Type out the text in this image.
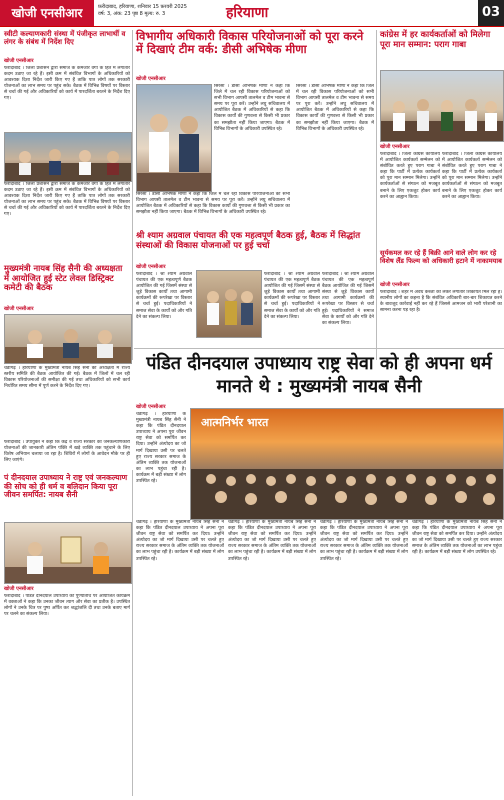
खोजी एनसीआर	फ़रीदाबाद, हरियाणा, शनिवार 15 फ़रवरी 2025 वर्ष: 3, अंक: 23 पृष्ठ 8 मूल्य: रु. 3	हरियाणा	03
स्वीटी कल्याणकारी संस्था में पंजीकृत लाभार्थी व लंगर के संबंध में निर्देश दिए
खोजी एनसीआर
फरीदाबाद । जिला प्रशासन द्वारा समाज के कमजोर वर्गों के हित में लगातार कदम उठाए जा रहे हैं। इसी क्रम में संबंधित विभागों के अधिकारियों को आवश्यक दिशा निर्देश जारी किए गए हैं ताकि पात्र लोगों तक सरकारी योजनाओं का लाभ समय पर पहुंच सके। बैठक में विभिन्न विषयों पर विस्तार से चर्चा की गई और अधिकारियों को कार्य में पारदर्शिता बरतने के निर्देश दिए गए।
फरीदाबाद । जिला प्रशासन द्वारा समाज के कमजोर वर्गों के हित में लगातार कदम उठाए जा रहे हैं। इसी क्रम में संबंधित विभागों के अधिकारियों को आवश्यक दिशा निर्देश जारी किए गए हैं ताकि पात्र लोगों तक सरकारी योजनाओं का लाभ समय पर पहुंच सके। बैठक में विभिन्न विषयों पर विस्तार से चर्चा की गई और अधिकारियों को कार्य में पारदर्शिता बरतने के निर्देश दिए गए।
मुख्यमंत्री नायब सिंह सैनी की अध्यक्षता में आयोजित हुई स्टेट लेवल डिस्ट्रिक्ट कमेटी की बैठक
खोजी एनसीआर
चंडीगढ़ । हरियाणा के मुख्यमंत्री नायब सिंह सैनी की अध्यक्षता में राज्य स्तरीय समिति की बैठक आयोजित की गई। बैठक में जिलों में चल रही विकास परियोजनाओं की समीक्षा की गई तथा अधिकारियों को सभी कार्य निर्धारित समय सीमा में पूर्ण करने के निर्देश दिए गए।
विभागीय अधिकारी विकास परियोजनाओं को पूरा करने में दिखाएं टीम वर्क: डीसी अभिषेक मीणा
खोजी एनसीआर
सिरसा । डीसी अभिषेक मीणा ने कहा कि जिले में चल रही विकास परियोजनाओं को सभी विभाग आपसी तालमेल व टीम भावना से समय पर पूरा करें। उन्होंने लघु सचिवालय में आयोजित बैठक में अधिकारियों से कहा कि विकास कार्यों की गुणवत्ता से किसी भी प्रकार का समझौता नहीं किया जाएगा। बैठक में विभिन्न विभागों के अधिकारी उपस्थित रहे।
सिरसा । डीसी अभिषेक मीणा ने कहा कि जिले में चल रही विकास परियोजनाओं को सभी विभाग आपसी तालमेल व टीम भावना से समय पर पूरा करें। उन्होंने लघु सचिवालय में आयोजित बैठक में अधिकारियों से कहा कि विकास कार्यों की गुणवत्ता से किसी भी प्रकार का समझौता नहीं किया जाएगा। बैठक में विभिन्न विभागों के अधिकारी उपस्थित रहे।
सिरसा । डीसी अभिषेक मीणा ने कहा कि जिले में चल रही विकास परियोजनाओं को सभी विभाग आपसी तालमेल व टीम भावना से समय पर पूरा करें। उन्होंने लघु सचिवालय में आयोजित बैठक में अधिकारियों से कहा कि विकास कार्यों की गुणवत्ता से किसी भी प्रकार का समझौता नहीं किया जाएगा। बैठक में विभिन्न विभागों के अधिकारी उपस्थित रहे।
श्री श्याम अग्रवाल पंचायत की एक महत्वपूर्ण बैठक हुई, बैठक में सिद्धांत संस्थाओं की विकास योजनाओं पर हुई चर्चा
खोजी एनसीआर
फरीदाबाद । श्री श्याम अग्रवाल पंचायत की एक महत्वपूर्ण बैठक आयोजित की गई जिसमें संस्था से जुड़े विकास कार्यों तथा आगामी कार्यक्रमों की रूपरेखा पर विस्तार से चर्चा हुई। पदाधिकारियों ने समाज सेवा के कार्यों को और गति देने का संकल्प लिया।
फरीदाबाद । श्री श्याम अग्रवाल पंचायत की एक महत्वपूर्ण बैठक आयोजित की गई जिसमें संस्था से जुड़े विकास कार्यों तथा आगामी कार्यक्रमों की रूपरेखा पर विस्तार से चर्चा हुई। पदाधिकारियों ने समाज सेवा के कार्यों को और गति देने का संकल्प लिया।
फरीदाबाद । श्री श्याम अग्रवाल पंचायत की एक महत्वपूर्ण बैठक आयोजित की गई जिसमें संस्था से जुड़े विकास कार्यों तथा आगामी कार्यक्रमों की रूपरेखा पर विस्तार से चर्चा हुई। पदाधिकारियों ने समाज सेवा के कार्यों को और गति देने का संकल्प लिया।
कांग्रेस में हर कार्यकर्ताओं को मिलेगा पूरा मान सम्मान: पराग गाबा
खोजी एनसीआर
फरीदाबाद । जिला कांग्रेस कार्यालय में आयोजित कार्यकर्ता सम्मेलन को संबोधित करते हुए पराग गाबा ने कहा कि पार्टी में प्रत्येक कार्यकर्ता को पूरा मान सम्मान मिलेगा। उन्होंने कार्यकर्ताओं से संगठन को मजबूत बनाने के लिए एकजुट होकर कार्य करने का आह्वान किया।
फरीदाबाद । जिला कांग्रेस कार्यालय में आयोजित कार्यकर्ता सम्मेलन को संबोधित करते हुए पराग गाबा ने कहा कि पार्टी में प्रत्येक कार्यकर्ता को पूरा मान सम्मान मिलेगा। उन्होंने कार्यकर्ताओं से संगठन को मजबूत बनाने के लिए एकजुट होकर कार्य करने का आह्वान किया।
सूर्यकमल कर रहे हैं बिक्री आने वाले लोग कर रहे विशेष लैंड फिल्म को अधिकारी हटाने में नाकामयाब
खोजी एनसीआर
फरीदाबाद । शहर में अवैध कब्जों को लेकर लगातार शिकायतें मिल रही हैं। स्थानीय लोगों का कहना है कि संबंधित अधिकारी बार-बार शिकायत करने के बावजूद कार्रवाई नहीं कर रहे हैं जिससे आमजन को भारी परेशानी का सामना करना पड़ रहा है।
फरीदाबाद । उपायुक्त ने कहा कि केंद्र व राज्य सरकार की जनकल्याणकारी योजनाओं की जानकारी अंतिम पंक्ति में खड़े व्यक्ति तक पहुंचाने के लिए विशेष अभियान चलाया जा रहा है। शिविरों में लोगों के आवेदन मौके पर ही लिए जाएंगे।
पंडित दीनदयाल उपाध्याय राष्ट्र सेवा को ही अपना धर्म मानते थे : मुख्यमंत्री नायब सैनी
खोजी एनसीआर
चंडीगढ़ । हरियाणा के मुख्यमंत्री नायब सिंह सैनी ने कहा कि पंडित दीनदयाल उपाध्याय ने अपना पूरा जीवन राष्ट्र सेवा को समर्पित कर दिया। उन्होंने अंत्योदय का जो मार्ग दिखाया उसी पर चलते हुए राज्य सरकार समाज के अंतिम व्यक्ति तक योजनाओं का लाभ पहुंचा रही है। कार्यक्रम में बड़ी संख्या में लोग उपस्थित रहे।
आत्मनिर्भर भारत
पं दीनदयाल उपाध्याय ने राष्ट्र एवं जनकल्याण की सोच को ही धर्म व बलिदान किया पूरा जीवन समर्पित: नायब सैनी
खोजी एनसीआर
फरीदाबाद । पंडित दीनदयाल उपाध्याय की पुण्यतिथि पर आयोजित कार्यक्रम में वक्ताओं ने कहा कि उनका जीवन त्याग और सेवा का प्रतीक है। उपस्थित लोगों ने उनके चित्र पर पुष्प अर्पित कर श्रद्धांजलि दी तथा उनके बताए मार्ग पर चलने का संकल्प लिया।
चंडीगढ़ । हरियाणा के मुख्यमंत्री नायब सिंह सैनी ने कहा कि पंडित दीनदयाल उपाध्याय ने अपना पूरा जीवन राष्ट्र सेवा को समर्पित कर दिया। उन्होंने अंत्योदय का जो मार्ग दिखाया उसी पर चलते हुए राज्य सरकार समाज के अंतिम व्यक्ति तक योजनाओं का लाभ पहुंचा रही है। कार्यक्रम में बड़ी संख्या में लोग उपस्थित रहे।
चंडीगढ़ । हरियाणा के मुख्यमंत्री नायब सिंह सैनी ने कहा कि पंडित दीनदयाल उपाध्याय ने अपना पूरा जीवन राष्ट्र सेवा को समर्पित कर दिया। उन्होंने अंत्योदय का जो मार्ग दिखाया उसी पर चलते हुए राज्य सरकार समाज के अंतिम व्यक्ति तक योजनाओं का लाभ पहुंचा रही है। कार्यक्रम में बड़ी संख्या में लोग उपस्थित रहे।
चंडीगढ़ । हरियाणा के मुख्यमंत्री नायब सिंह सैनी ने कहा कि पंडित दीनदयाल उपाध्याय ने अपना पूरा जीवन राष्ट्र सेवा को समर्पित कर दिया। उन्होंने अंत्योदय का जो मार्ग दिखाया उसी पर चलते हुए राज्य सरकार समाज के अंतिम व्यक्ति तक योजनाओं का लाभ पहुंचा रही है। कार्यक्रम में बड़ी संख्या में लोग उपस्थित रहे।
चंडीगढ़ । हरियाणा के मुख्यमंत्री नायब सिंह सैनी ने कहा कि पंडित दीनदयाल उपाध्याय ने अपना पूरा जीवन राष्ट्र सेवा को समर्पित कर दिया। उन्होंने अंत्योदय का जो मार्ग दिखाया उसी पर चलते हुए राज्य सरकार समाज के अंतिम व्यक्ति तक योजनाओं का लाभ पहुंचा रही है। कार्यक्रम में बड़ी संख्या में लोग उपस्थित रहे।
